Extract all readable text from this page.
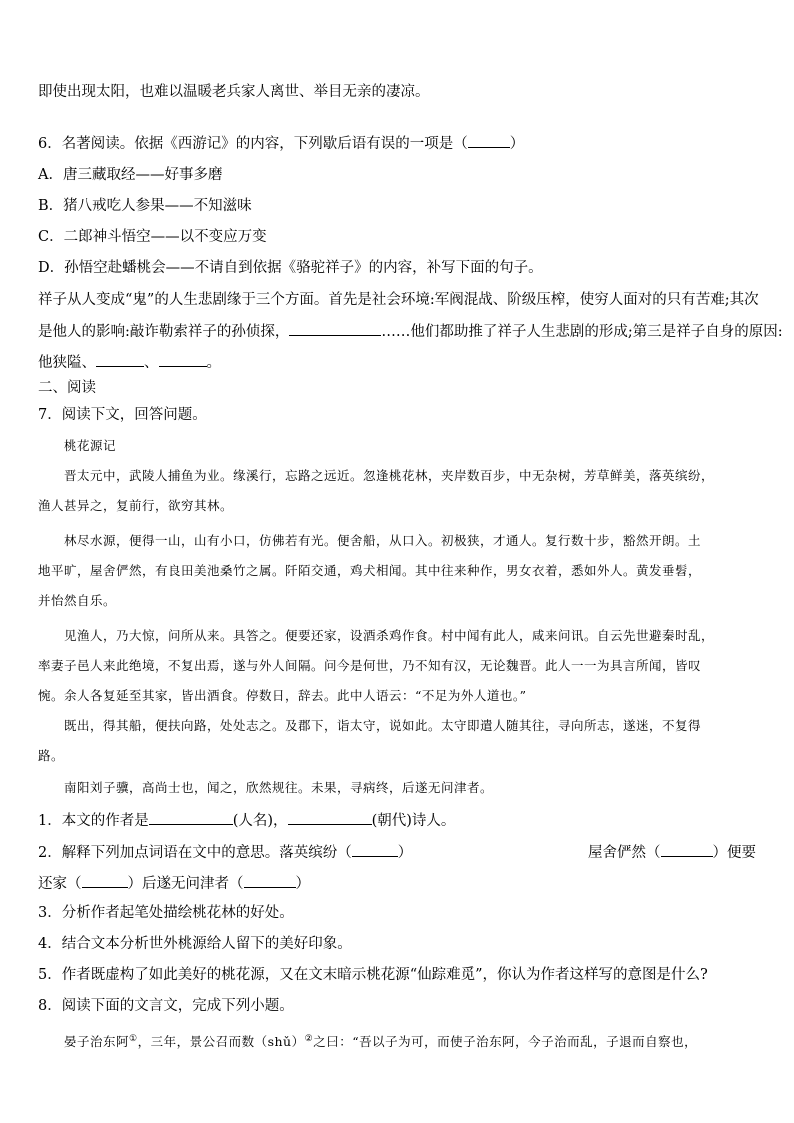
即使出现太阳，也难以温暖老兵家人离世、举目无亲的凄凉。
6．名著阅读。依据《西游记》的内容，下列歇后语有误的一项是（	）
A．唐三藏取经——好事多磨
B．猪八戒吃人参果——不知滋味
C．二郎神斗悟空——以不变应万变
D．孙悟空赴蟠桃会——不请自到依据《骆驼祥子》的内容，补写下面的句子。
祥子从人变成“鬼”的人生悲剧缘于三个方面。首先是社会环境:军阀混战、阶级压榨，使穷人面对的只有苦难;其次
是他人的影响:敲诈勒索祥子的孙侦探，	……他们都助推了祥子人生悲剧的形成;第三是祥子自身的原因:
他狭隘、	、	。
二、阅读
7．阅读下文，回答问题。
桃花源记
晋太元中，武陵人捕鱼为业。缘溪行，忘路之远近。忽逢桃花林，夹岸数百步，中无杂树，芳草鲜美，落英缤纷，
渔人甚异之，复前行，欲穷其林。
林尽水源，便得一山，山有小口，仿佛若有光。便舍船，从口入。初极狭，才通人。复行数十步，豁然开朗。土
地平旷，屋舍俨然，有良田美池桑竹之属。阡陌交通，鸡犬相闻。其中往来种作，男女衣着，悉如外人。黄发垂髫，
并怡然自乐。
见渔人，乃大惊，问所从来。具答之。便要还家，设酒杀鸡作食。村中闻有此人，咸来问讯。自云先世避秦时乱，
率妻子邑人来此绝境，不复出焉，遂与外人间隔。问今是何世，乃不知有汉，无论魏晋。此人一一为具言所闻，皆叹
惋。余人各复延至其家，皆出酒食。停数日，辞去。此中人语云：“不足为外人道也。”
既出，得其船，便扶向路，处处志之。及郡下，诣太守，说如此。太守即遣人随其往，寻向所志，遂迷，不复得
路。
南阳刘子骥，高尚士也，闻之，欣然规往。未果，寻病终，后遂无问津者。
1．本文的作者是	(人名)，	(朝代)诗人。
2．解释下列加点词语在文中的意思。落英缤纷（	）	屋舍俨然（	）便要
还家（	）后遂无问津者（	）
3．分析作者起笔处描绘桃花林的好处。
4．结合文本分析世外桃源给人留下的美好印象。
5．作者既虚构了如此美好的桃花源，又在文末暗示桃花源“仙踪难觅”，你认为作者这样写的意图是什么?
8．阅读下面的文言文，完成下列小题。
晏子治东阿①，三年，景公召而数（shǔ）②之曰：“吾以子为可，而使子治东阿，今子治而乱，子退而自察也，
